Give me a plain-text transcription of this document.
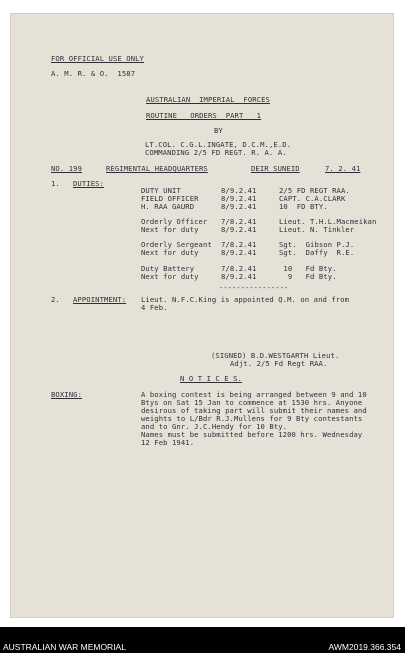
FOR OFFICIAL USE ONLY
A. M. R. & O.  1587
AUSTRALIAN  IMPERIAL  FORCES
ROUTINE   ORDERS  PART   1
BY
LT.COL. C.G.L.INGATE, D.C.M.,E.D.
COMMANDING 2/5 FD REGT. R. A. A.
NO. 199	REGIMENTAL HEADQUARTERS	DEIR SUNEID	7. 2. 41
1. DUTIES:
DUTY UNIT	8/9.2.41	2/5 FD REGT RAA.
FIELD OFFICER	8/9.2.41	CAPT. C.A.CLARK
H. RAA GAURD	8/9.2.41	10  FD BTY.
Orderly Officer 7/8.2.41	Lieut. T.H.L.Macmeikan
Next for duty	8/9.2.41	Lieut. N. Tinkler
Orderly Sergeant 7/8.2.41	Sgt.  Gibson P.J.
Next for duty	8/9.2.41	Sgt.  Daffy  R.E.
Duty Battery	7/8.2.41	10   Fd Bty.
Next for duty	8/9.2.41	9   Fd Bty.
----------------
2. APPOINTMENT: Lieut. N.F.C.King is appointed Q.M. on and from
4 Feb.
(SIGNED) B.D.WESTGARTH Lieut.
Adjt. 2/5 Fd Regt RAA.
N O T I C E S.
BOXING:	A boxing contest is being arranged between 9 and 10
Btys on Sat 15 Jan to commence at 1530 hrs. Anyone
desirous of taking part will submit their names and
weights to L/Bdr R.J.Mullens for 9 Bty contestants
and to Gnr. J.C.Hendy for 10 Bty.
Names must be submitted before 1200 hrs. Wednesday
12 Feb 1941.
AUSTRALIAN WAR MEMORIAL	AWM2019.366.354
